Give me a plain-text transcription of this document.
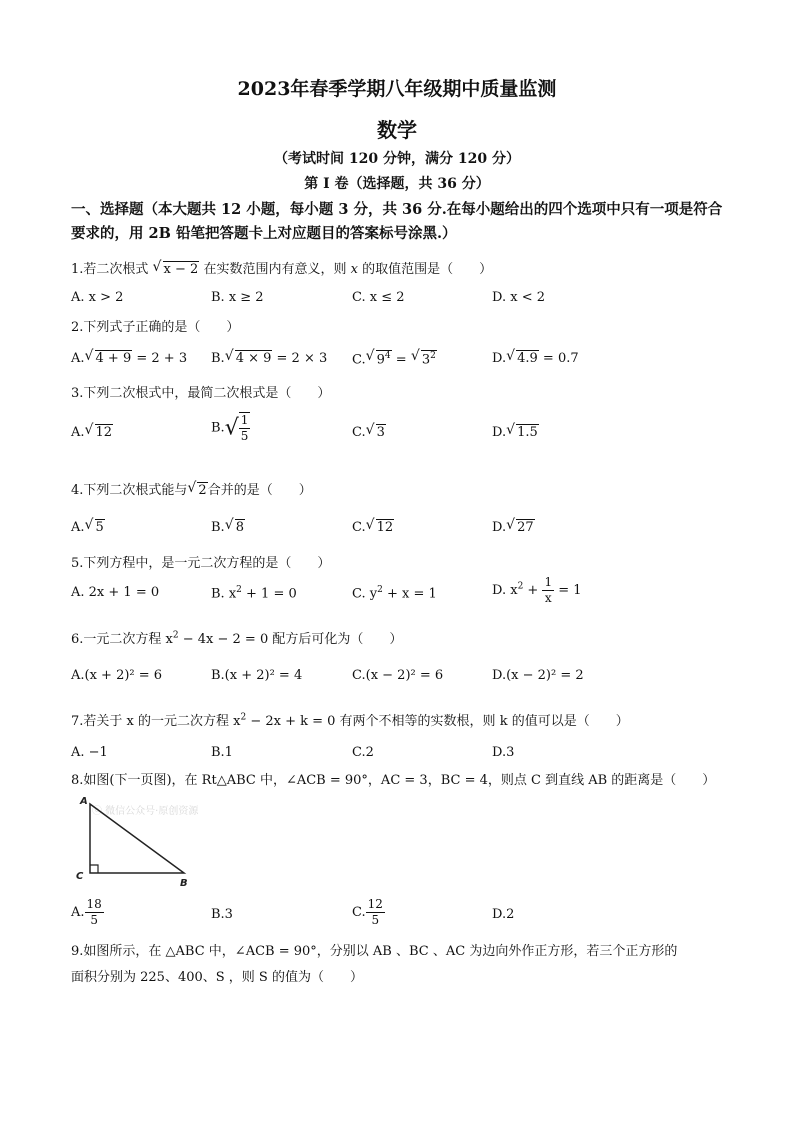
2023年春季学期八年级期中质量监测
数学
（考试时间 120 分钟，满分 120 分）
第 I 卷（选择题，共 36 分）
一、选择题（本大题共 12 小题，每小题 3 分，共 36 分.在每小题给出的四个选项中只有一项是符合要求的，用 2B 铅笔把答题卡上对应题目的答案标号涂黑.）
1.若二次根式 √ x − 2 在实数范围内有意义，则 x 的取值范围是（ ）
A. x > 2	B. x ≥ 2	C. x ≤ 2	D. x < 2
2.下列式子正确的是（ ）
A. √ 4 + 9 = 2 + 3 B. √ 4 × 9 = 2 × 3 C. √ $9^4$ = √ $3^2$	D. √ 4.9 = 0.7
3.下列二次根式中，最简二次根式是（ ）
A. √ 12	$B.√ \frac{1}{5}$	C. √ 3	D. √ 1.5
4.下列二次根式能与 √ 2合并的是（ ）
A. √ 5	B. √ 8	C. √ 12	D. √ 27
5.下列方程中，是一元二次方程的是（ ）
A. 2x + 1 = 0	B. $x^2 + 1 = 0$	C. $y^2 + x = 1$	D. $x^2 + \frac{1}{x} = 1$
6.一元二次方程 $x^2 - 4x - 2 = 0$ 配方后可化为（ ）
A.(x + 2)² = 6	B.(x + 2)² = 4	C.(x − 2)² = 6	D.(x − 2)² = 2
7.若关于 x 的一元二次方程 $x^2 - 2x + k = 0$ 有两个不相等的实数根，则 k 的值可以是（ ）
A. −1	B.1	C.2	D.3
8.如图(下一页图)，在 Rt△ABC 中，∠ACB = 90°，AC = 3，BC = 4，则点 C 到直线 AB 的距离是（ ）
ⓒ 微信公众号·原创资源
A
C
B
A. $\frac{18}{5}$	B.3	C. $\frac{12}{5}$	D.2
9.如图所示，在 △ABC 中，∠ACB = 90°，分别以 AB 、BC 、AC 为边向外作正方形，若三个正方形的
面积分别为 225、400、S ，则 S 的值为（ ）
